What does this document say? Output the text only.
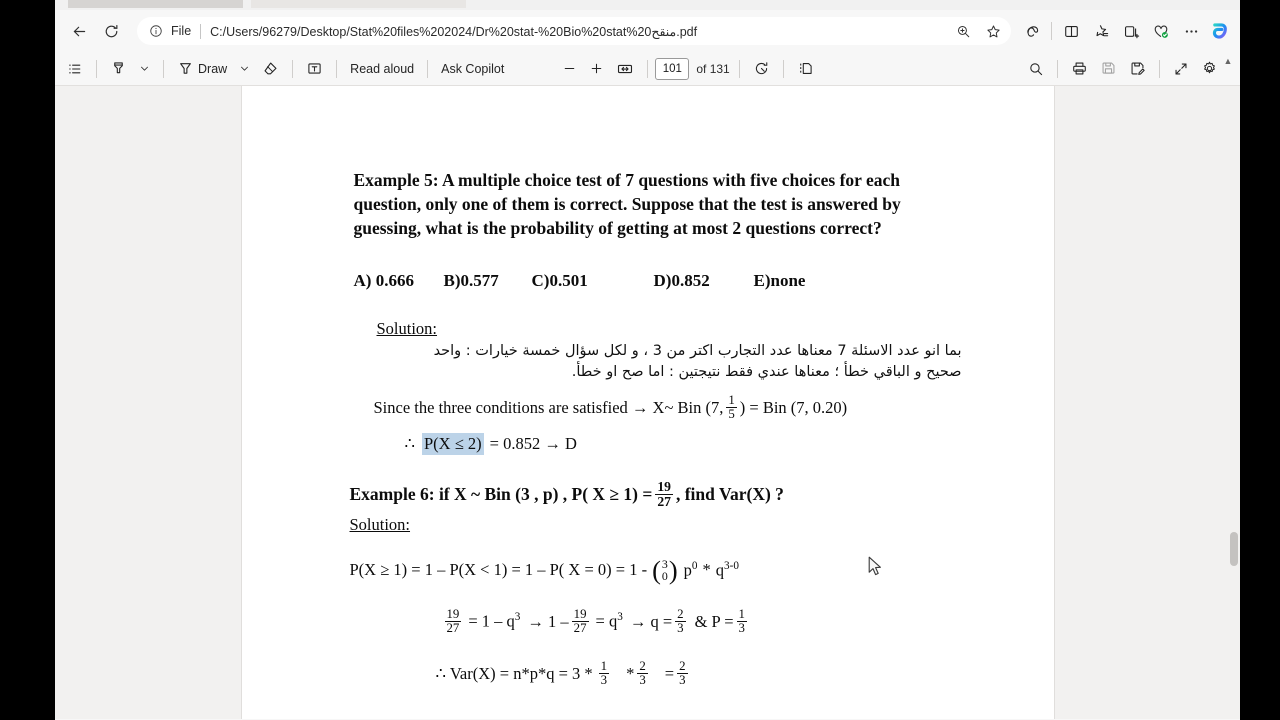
File C:/Users/96279/Desktop/Stat%20files%202024/Dr%20stat-%20Bio%20stat%20منقح.pdf
Draw	Read aloud Ask Copilot	101	of 131
▲
Example 5: A multiple choice test of 7 questions with five choices for each question, only one of them is correct. Suppose that the test is answered by guessing, what is the probability of getting at most 2 questions correct?
A) 0.666	B)0.577	C)0.501	D)0.852	E)none
Solution:
بما انو عدد الاسئلة 7 معناها عدد التجارب اكتر من 3 ، و لكل سؤال خمسة خيارات : واحد
صحيح و الباقي خطأ ؛ معناها عندي فقط نتيجتين : اما صح او خطأ.
Since the three conditions are satisfied → X~ Bin (7, $\frac{1}{5}$ ) = Bin (7, 0.20)
∴ P(X ≤ 2) = 0.852 → D
Example 6: if X ~ Bin (3 , p) , P( $X \ge 1) = \frac{19}{27}$ , find Var(X) ?
Solution:
P(X ≥ 1) = 1 – P(X < 1) = 1 – P( X = 0) = 1 - ( 3
0 ) $p^0 * q^{3-0}$
$\frac{19}{27} = 1 - q^3 \to 1 - \frac{19}{27} = q^3 \to q = \frac{2}{3}$ & $P = \frac{1}{3}$
∴ $Var(X) = n*p*q = 3 * \frac{1}{3} * \frac{2}{3} = \frac{2}{3}$
